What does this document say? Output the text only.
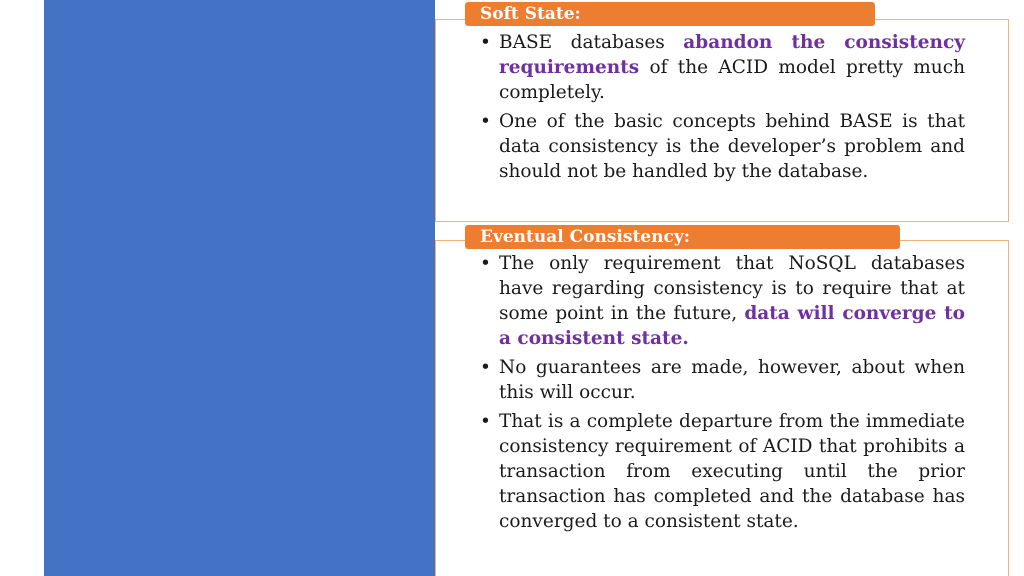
Soft State:
• BASE databases abandon the consistency requirements of the ACID model pretty much completely.
• One of the basic concepts behind BASE is that data consistency is the developer’s problem and should not be handled by the database.
Eventual Consistency:
• The only requirement that NoSQL databases have regarding consistency is to require that at some point in the future, data will converge to a consistent state.
• No guarantees are made, however, about when this will occur.
• That is a complete departure from the immediate consistency requirement of ACID that prohibits a transaction from executing until the prior transaction has completed and the database has converged to a consistent state.
